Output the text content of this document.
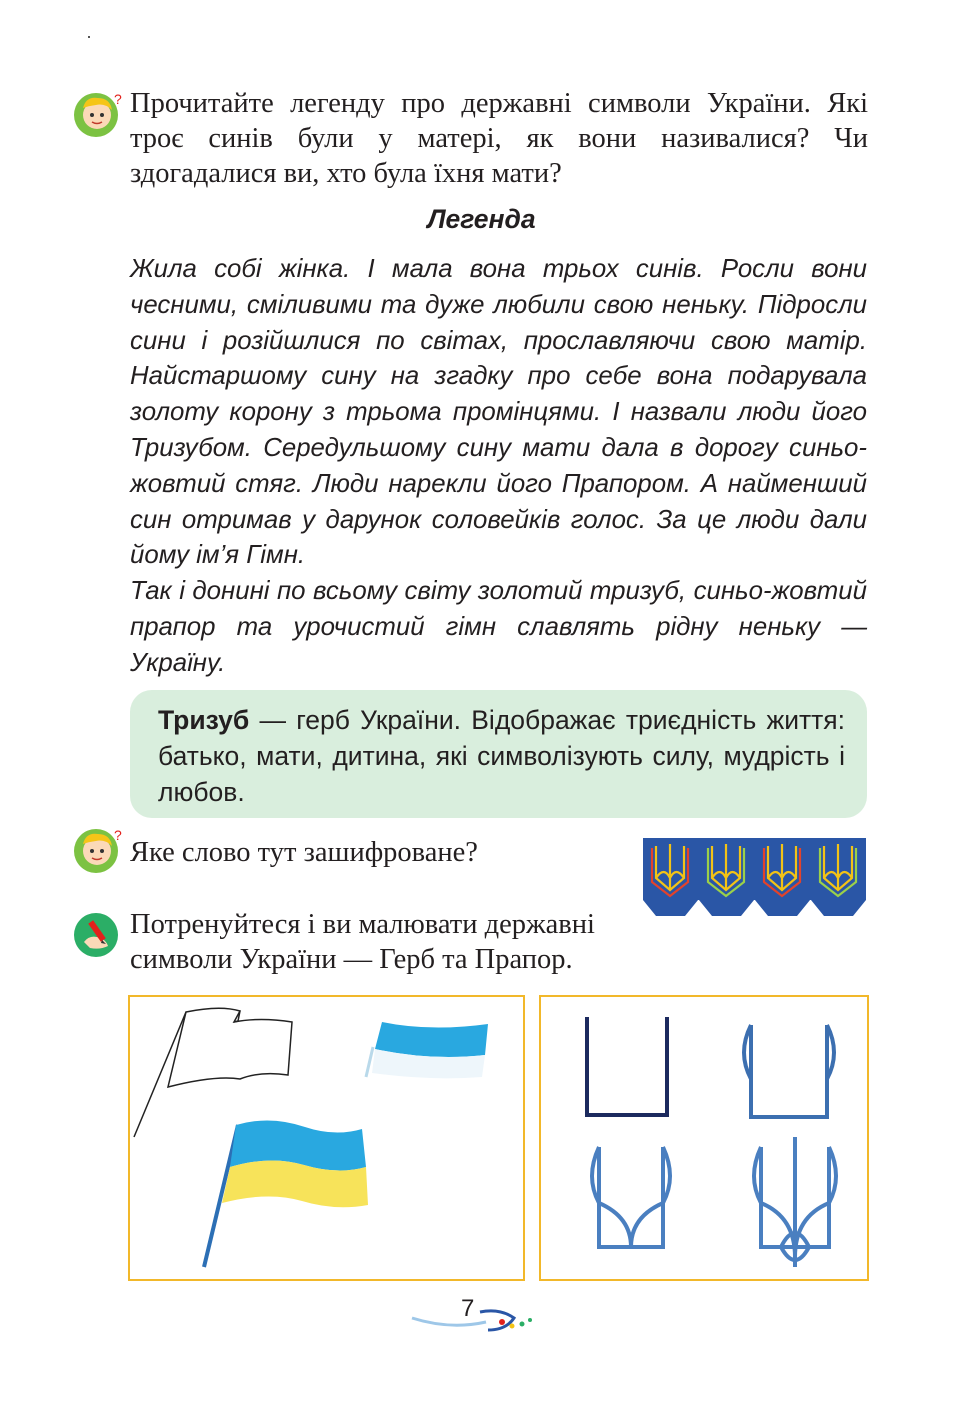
? Прочитайте легенду про державні символи України. Які троє синів були у матері, як вони називалися? Чи здогадалися ви, хто була їхня мати?
Легенда

Жила собі жінка. І мала вона трьох синів. Росли вони чесними, сміливими та дуже любили свою неньку. Підросли сини і розійшлися по світах, прославляючи свою матір. Найстаршому сину на згадку про себе вона подарувала золоту корону з трьома промінцями. І назвали люди його Тризубом. Середульшому сину мати дала в дорогу синьо-жовтий стяг. Люди нарекли його Прапором. А найменший син отримав у дарунок соловейків голос. За це люди дали йому ім’я Гімн.

Так і донині по всьому світу золотий тризуб, синьо-жовтий прапор та урочистий гімн славлять рідну неньку — Україну.

Тризуб — герб України. Відображає триєдність життя: батько, мати, дитина, які символізують силу, мудрість і любов.

?
Яке слово тут зашифроване?
Потренуйтеся і ви малювати державні символи України — Герб та Прапор.
7
